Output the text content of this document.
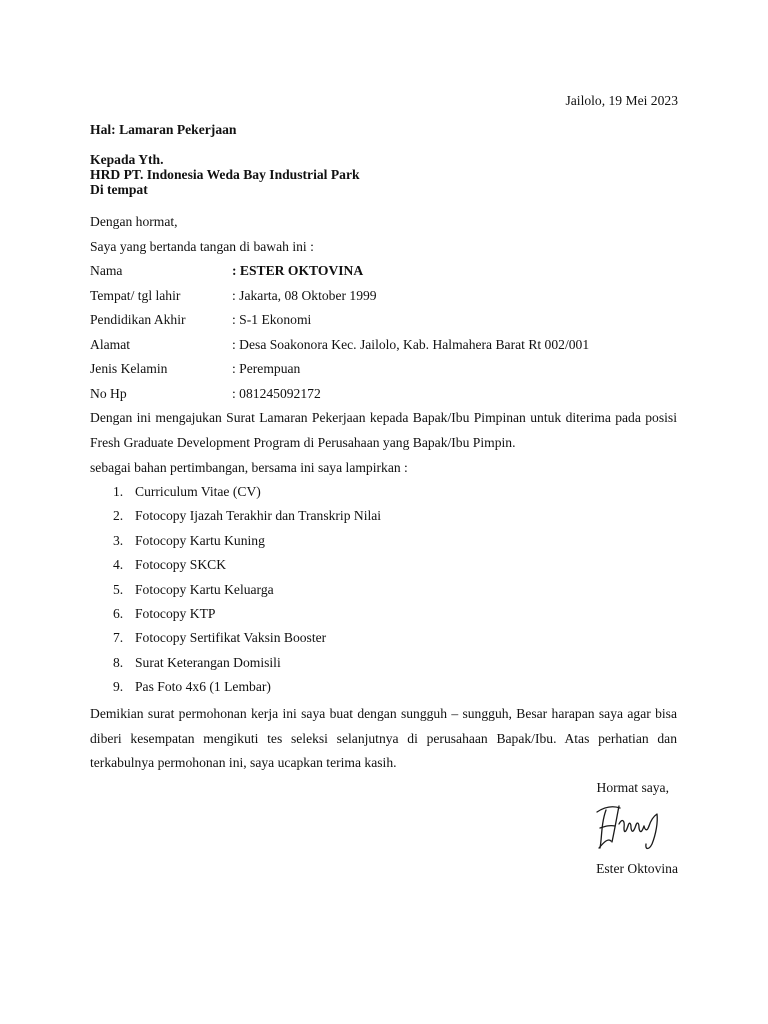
Jailolo, 19 Mei 2023
Hal: Lamaran Pekerjaan
Kepada Yth.
HRD PT. Indonesia Weda Bay Industrial Park
Di tempat
Dengan hormat,
Saya yang bertanda tangan di bawah ini :
Nama	: ESTER OKTOVINA
Tempat/ tgl lahir	: Jakarta, 08 Oktober 1999
Pendidikan Akhir	: S-1 Ekonomi
Alamat	: Desa Soakonora Kec. Jailolo, Kab. Halmahera Barat Rt 002/001
Jenis Kelamin	: Perempuan
No Hp	: 081245092172
Dengan ini mengajukan Surat Lamaran Pekerjaan kepada Bapak/Ibu Pimpinan untuk diterima pada posisi Fresh Graduate Development Program di Perusahaan yang Bapak/Ibu Pimpin.
sebagai bahan pertimbangan, bersama ini saya lampirkan :
1. Curriculum Vitae (CV)
2. Fotocopy Ijazah Terakhir dan Transkrip Nilai
3. Fotocopy Kartu Kuning
4. Fotocopy SKCK
5. Fotocopy Kartu Keluarga
6. Fotocopy KTP
7. Fotocopy Sertifikat Vaksin Booster
8. Surat Keterangan Domisili
9. Pas Foto 4x6 (1 Lembar)
Demikian surat permohonan kerja ini saya buat dengan sungguh – sungguh, Besar harapan saya agar bisa diberi kesempatan mengikuti tes seleksi selanjutnya di perusahaan Bapak/Ibu. Atas perhatian dan terkabulnya permohonan ini, saya ucapkan terima kasih.
Hormat saya,
Ester Oktovina
